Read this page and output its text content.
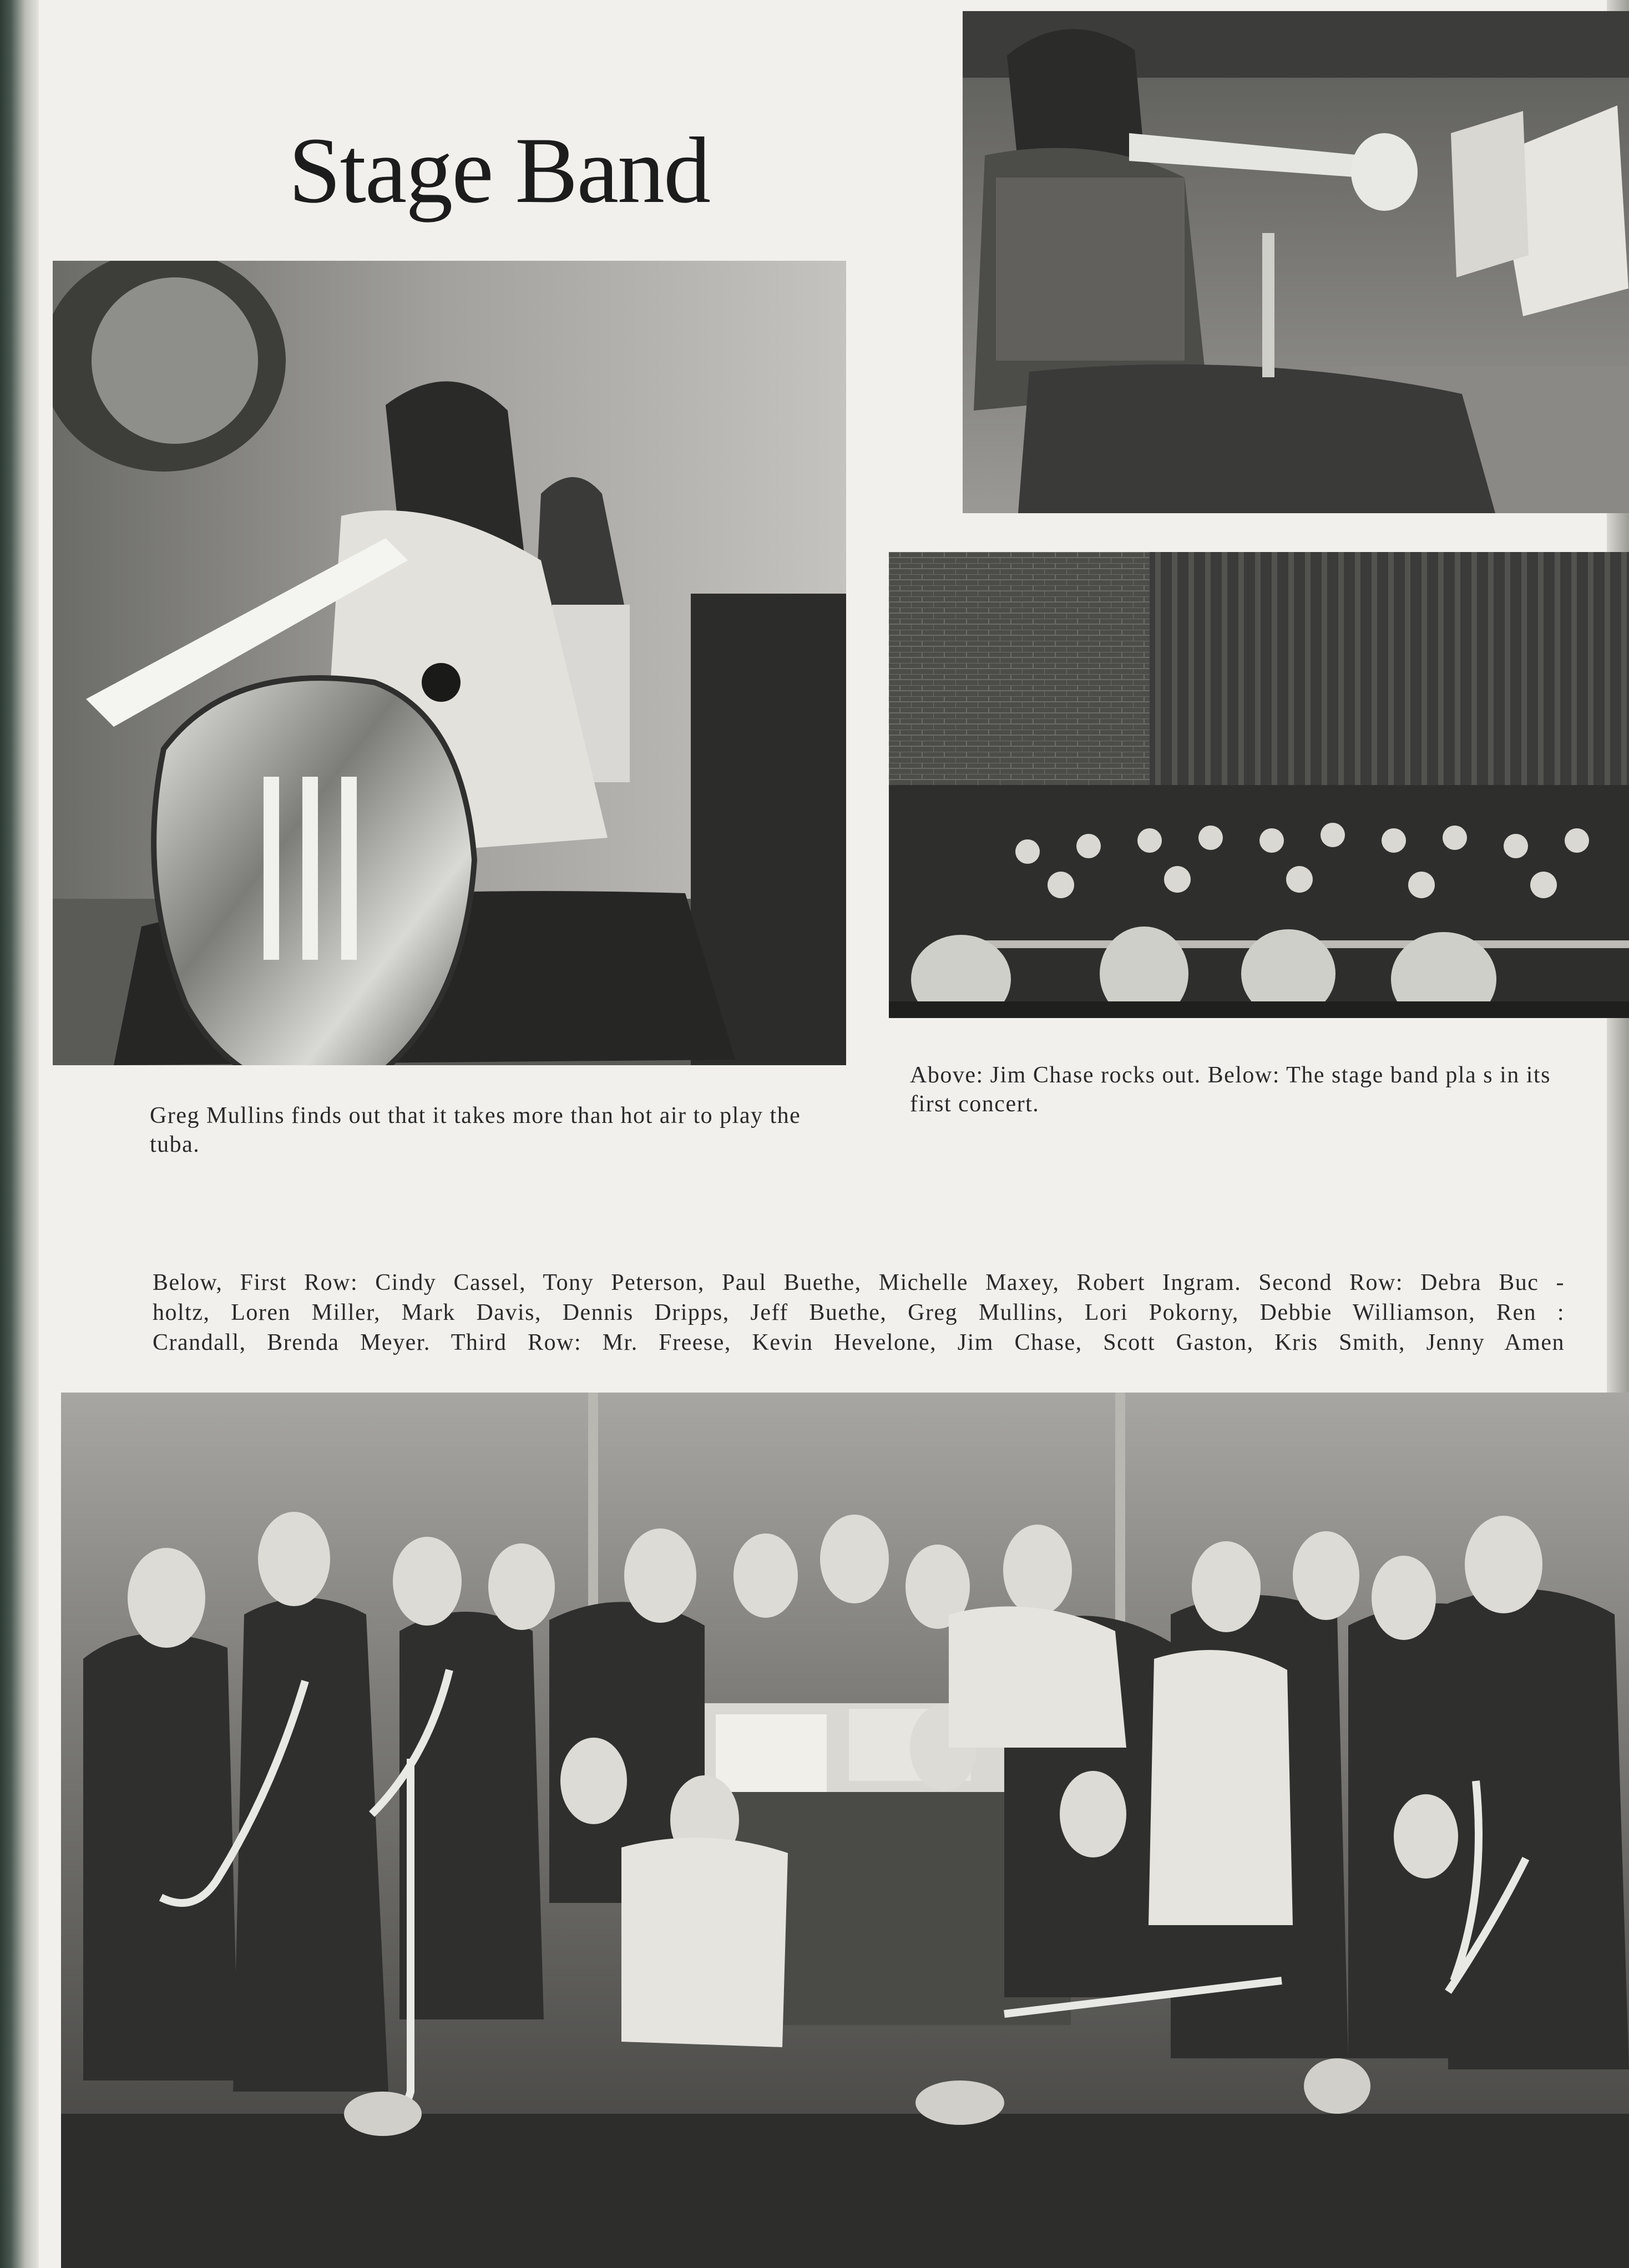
Stage Band
Greg Mullins finds out that it takes more than hot air to play the tuba.
Above: Jim Chase rocks out. Below: The stage band pla s in its first concert.
Below, First Row: Cindy Cassel, Tony Peterson, Paul Buethe, Michelle Maxey, Robert Ingram. Second Row: Debra Buc -
holtz, Loren Miller, Mark Davis, Dennis Dripps, Jeff Buethe, Greg Mullins, Lori Pokorny, Debbie Williamson, Ren :
Crandall, Brenda Meyer. Third Row: Mr. Freese, Kevin Hevelone, Jim Chase, Scott Gaston, Kris Smith, Jenny Amen
